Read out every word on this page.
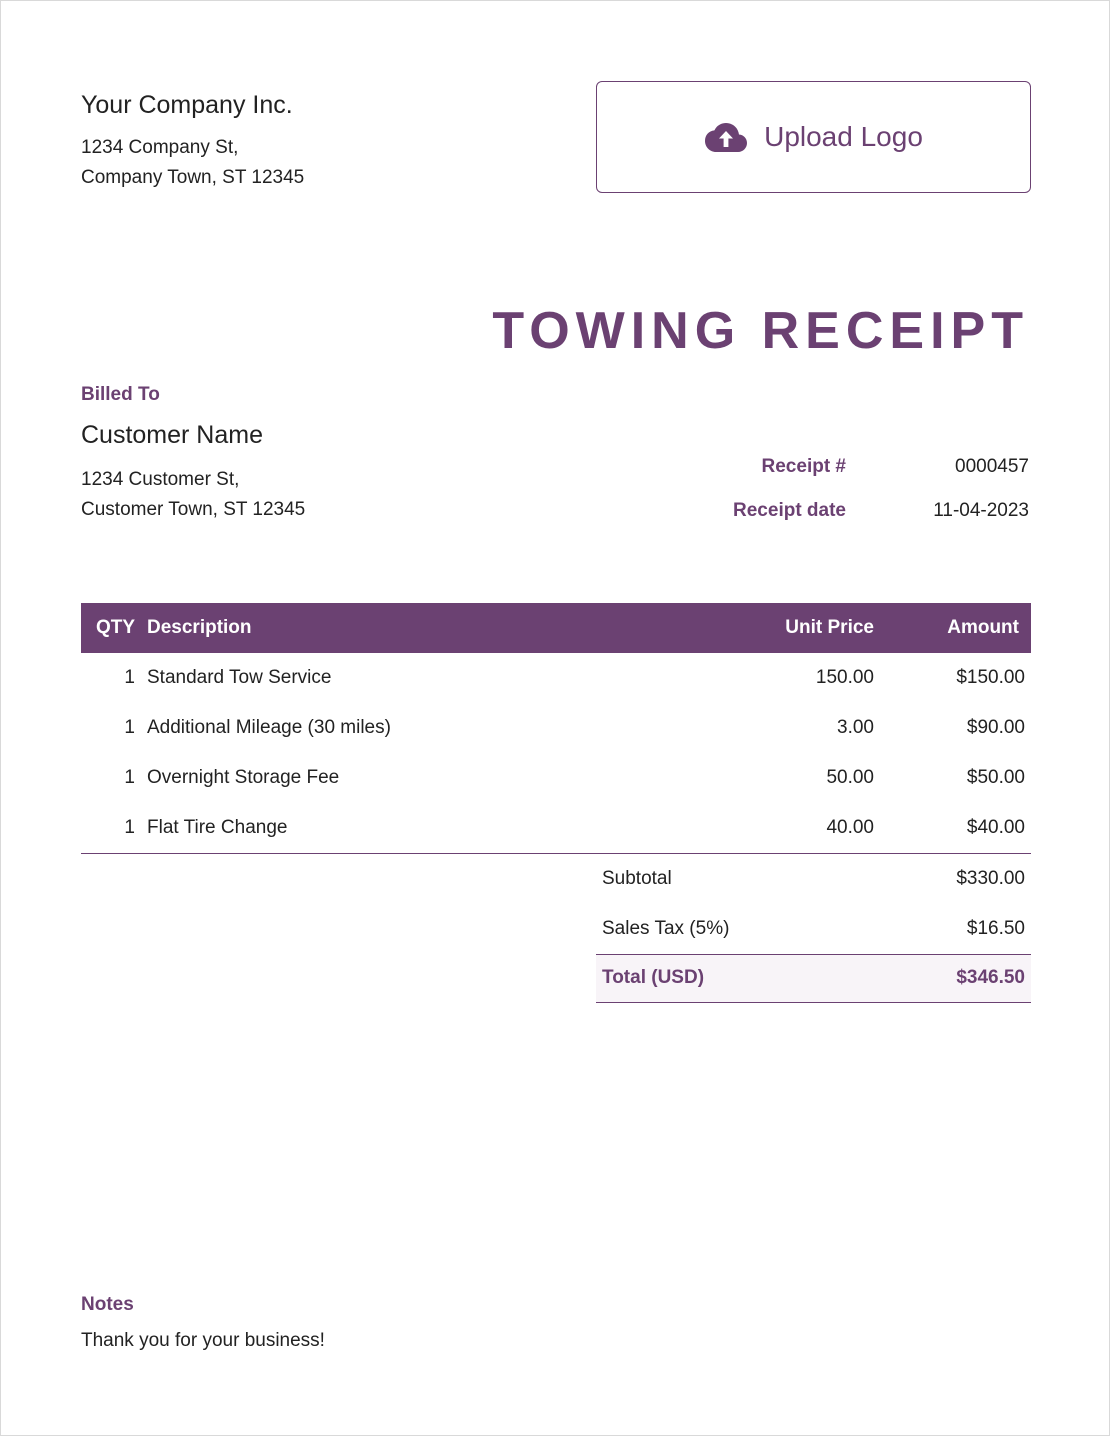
Your Company Inc.
1234 Company St,
Company Town, ST 12345
Upload Logo
TOWING RECEIPT
Billed To
Customer Name
1234 Customer St,
Customer Town, ST 12345
Receipt #	0000457
Receipt date	11-04-2023
QTY	Description	Unit Price	Amount
1	Standard Tow Service	150.00	$150.00
1	Additional Mileage (30 miles)	3.00	$90.00
1	Overnight Storage Fee	50.00	$50.00
1	Flat Tire Change	40.00	$40.00
Subtotal	$330.00
Sales Tax (5%)	$16.50
Total (USD)	$346.50
Notes
Thank you for your business!
